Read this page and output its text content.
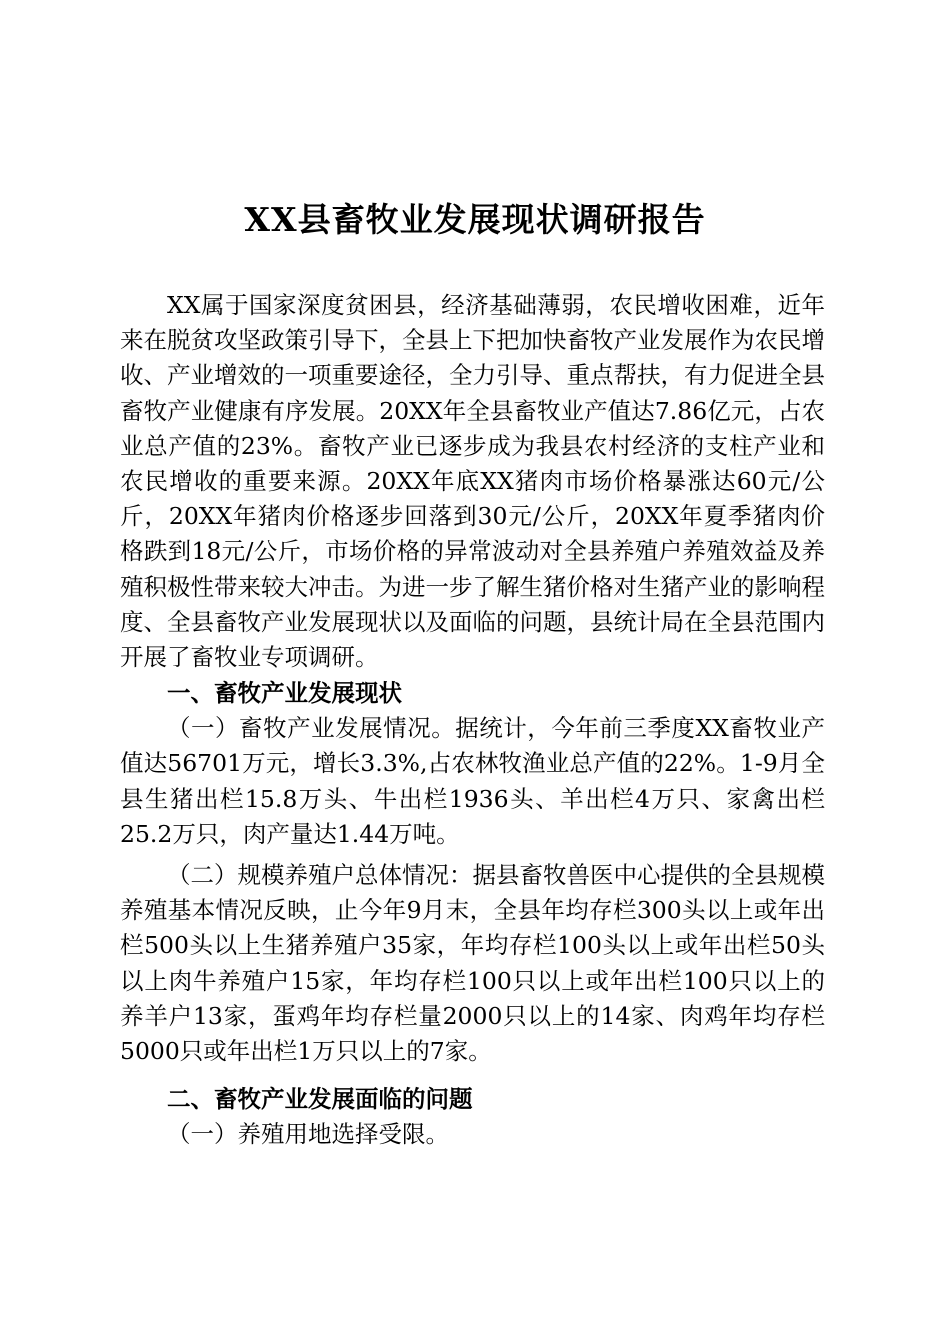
XX县畜牧业发展现状调研报告

XX属于国家深度贫困县，经济基础薄弱，农民增收困难，近年来在脱贫攻坚政策引导下，全县上下把加快畜牧产业发展作为农民增收、产业增效的一项重要途径，全力引导、重点帮扶，有力促进全县畜牧产业健康有序发展。20XX年全县畜牧业产值达7.86亿元，占农业总产值的23%。畜牧产业已逐步成为我县农村经济的支柱产业和农民增收的重要来源。20XX年底XX猪肉市场价格暴涨达60元/公斤，20XX年猪肉价格逐步回落到30元/公斤，20XX年夏季猪肉价格跌到18元/公斤，市场价格的异常波动对全县养殖户养殖效益及养殖积极性带来较大冲击。为进一步了解生猪价格对生猪产业的影响程度、全县畜牧产业发展现状以及面临的问题，县统计局在全县范围内开展了畜牧业专项调研。

一、畜牧产业发展现状

（一）畜牧产业发展情况。据统计，今年前三季度XX畜牧业产值达56701万元，增长3.3%,占农林牧渔业总产值的22%。1-9月全县生猪出栏15.8万头、牛出栏1936头、羊出栏4万只、家禽出栏25.2万只，肉产量达1.44万吨。

（二）规模养殖户总体情况：据县畜牧兽医中心提供的全县规模养殖基本情况反映，止今年9月末，全县年均存栏300头以上或年出栏500头以上生猪养殖户35家，年均存栏100头以上或年出栏50头以上肉牛养殖户15家，年均存栏100只以上或年出栏100只以上的养羊户13家，蛋鸡年均存栏量2000只以上的14家、肉鸡年均存栏5000只或年出栏1万只以上的7家。

二、畜牧产业发展面临的问题

（一）养殖用地选择受限。
